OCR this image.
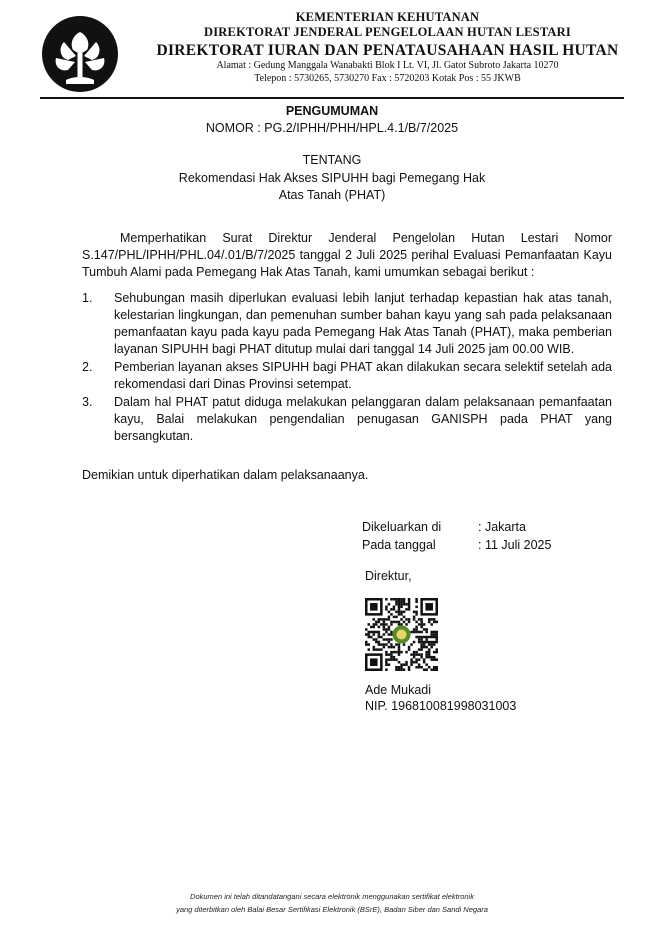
KEMENTERIAN KEHUTANAN
DIREKTORAT JENDERAL PENGELOLAAN HUTAN LESTARI
DIREKTORAT IURAN DAN PENATAUSAHAAN HASIL HUTAN
Alamat : Gedung Manggala Wanabakti Blok I Lt. VI, Jl. Gatot Subroto Jakarta 10270
Telepon : 5730265, 5730270 Fax : 5720203 Kotak Pos : 55 JKWB
PENGUMUMAN
NOMOR : PG.2/IPHH/PHH/HPL.4.1/B/7/2025
TENTANG
Rekomendasi Hak Akses SIPUHH bagi Pemegang Hak Atas Tanah (PHAT)
Memperhatikan Surat Direktur Jenderal Pengelolan Hutan Lestari Nomor S.147/PHL/IPHH/PHL.04/.01/B/7/2025 tanggal 2 Juli 2025 perihal Evaluasi Pemanfaatan Kayu Tumbuh Alami pada Pemegang Hak Atas Tanah, kami umumkan sebagai berikut :
1.	Sehubungan masih diperlukan evaluasi lebih lanjut terhadap kepastian hak atas tanah, kelestarian lingkungan, dan pemenuhan sumber bahan kayu yang sah pada pelaksanaan pemanfaatan kayu pada kayu pada Pemegang Hak Atas Tanah (PHAT), maka pemberian layanan SIPUHH bagi PHAT ditutup mulai dari tanggal 14 Juli 2025 jam 00.00 WIB.
2.	Pemberian layanan akses SIPUHH bagi PHAT akan dilakukan secara selektif setelah ada rekomendasi dari Dinas Provinsi setempat.
3.	Dalam hal PHAT patut diduga melakukan pelanggaran dalam pelaksanaan pemanfaatan kayu, Balai melakukan pengendalian penugasan GANISPH pada PHAT yang bersangkutan.
Demikian untuk diperhatikan dalam pelaksanaanya.
Dikeluarkan di	: Jakarta
Pada tanggal	: 11 Juli 2025
Direktur,
Ade Mukadi
NIP. 196810081998031003
Dokumen ini telah ditandatangani secara elektronik menggunakan sertifikat elektronik
yang diterbitkan oleh Balai Besar Sertifikasi Elektronik (BSrE), Badan Siber dan Sandi Negara
